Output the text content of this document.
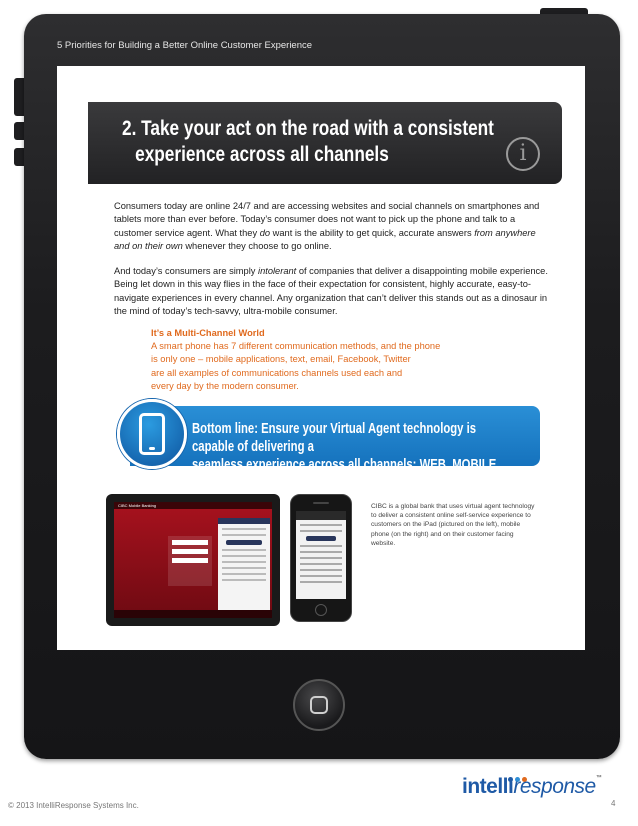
5 Priorities for Building a Better Online Customer Experience
2. Take your act on the road with a consistent
experience across all channels	i
Consumers today are online 24/7 and are accessing websites and social channels on smartphones and tablets more than ever before. Today’s consumer does not want to pick up the phone and talk to a customer service agent. What they do want is the ability to get quick, accurate answers from anywhere and on their own whenever they choose to go online.
And today’s consumers are simply intolerant of companies that deliver a disappointing mobile experience. Being let down in this way flies in the face of their expectation for consistent, highly accurate, easy-to-navigate experiences in every channel. Any organization that can’t deliver this stands out as a dinosaur in the mind of today’s tech-savvy, ultra-mobile consumer.
It’s a Multi-Channel World
A smart phone has 7 different communication methods, and the phone
is only one – mobile applications, text, email, Facebook, Twitter
are all examples of communications channels used each and
every day by the modern consumer.
Bottom line: Ensure your Virtual Agent technology is capable of delivering a
seamless experience across all channels: WEB, MOBILE, SOCIAL and AGENT.
CIBC Mobile Banking	CIBC is a global bank that uses virtual agent technology to deliver a consistent online self-service experience to customers on the iPad (pictured on the left), mobile phone (on the right) and on their customer facing website.
© 2013 IntelliResponse Systems Inc.
intelliresponse™
4
